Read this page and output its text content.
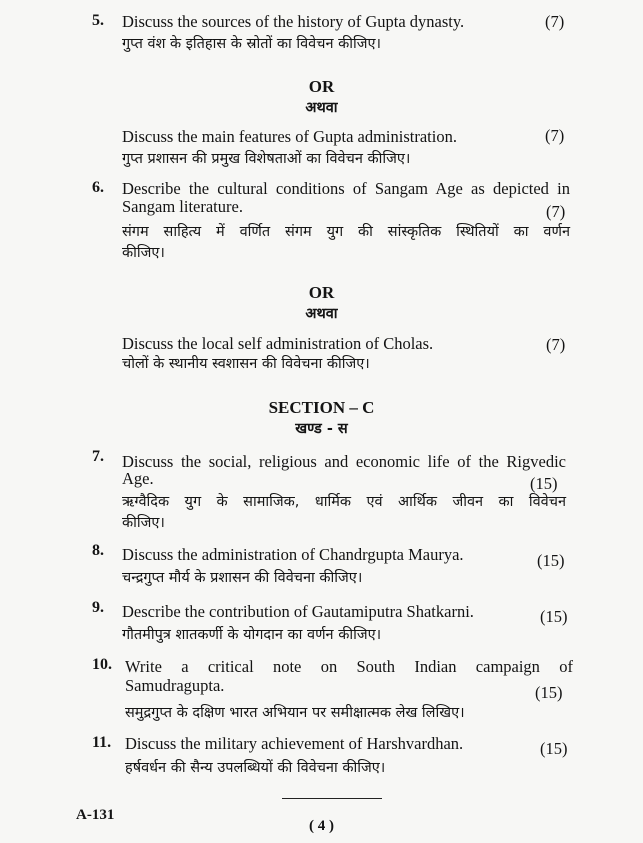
5. Discuss the sources of the history of Gupta dynasty.	(7)
गुप्त वंश के इतिहास के स्रोतों का विवेचन कीजिए।
OR
अथवा
Discuss the main features of Gupta administration.	(7)
गुप्त प्रशासन की प्रमुख विशेषताओं का विवेचन कीजिए।
6. Describe the cultural conditions of Sangam Age as depicted in
Sangam literature.	(7)
संगम साहित्य में वर्णित संगम युग की सांस्कृतिक स्थितियों का वर्णन
कीजिए।
OR
अथवा
Discuss the local self administration of Cholas.	(7)
चोलों के स्थानीय स्वशासन की विवेचना कीजिए।
SECTION – C
खण्ड - स
7. Discuss the social, religious and economic life of the Rigvedic
Age.	(15)
ऋग्वैदिक युग के सामाजिक, धार्मिक एवं आर्थिक जीवन का विवेचन
कीजिए।
8. Discuss the administration of Chandrgupta Maurya.	(15)
चन्द्रगुप्त मौर्य के प्रशासन की विवेचना कीजिए।
9. Describe the contribution of Gautamiputra Shatkarni.	(15)
गौतमीपुत्र शातकर्णी के योगदान का वर्णन कीजिए।
10. Write a critical note on South Indian campaign of
Samudragupta.	(15)
समुद्रगुप्त के दक्षिण भारत अभियान पर समीक्षात्मक लेख लिखिए।
11. Discuss the military achievement of Harshvardhan.	(15)
हर्षवर्धन की सैन्य उपलब्धियों की विवेचना कीजिए।
A-131
( 4 )
